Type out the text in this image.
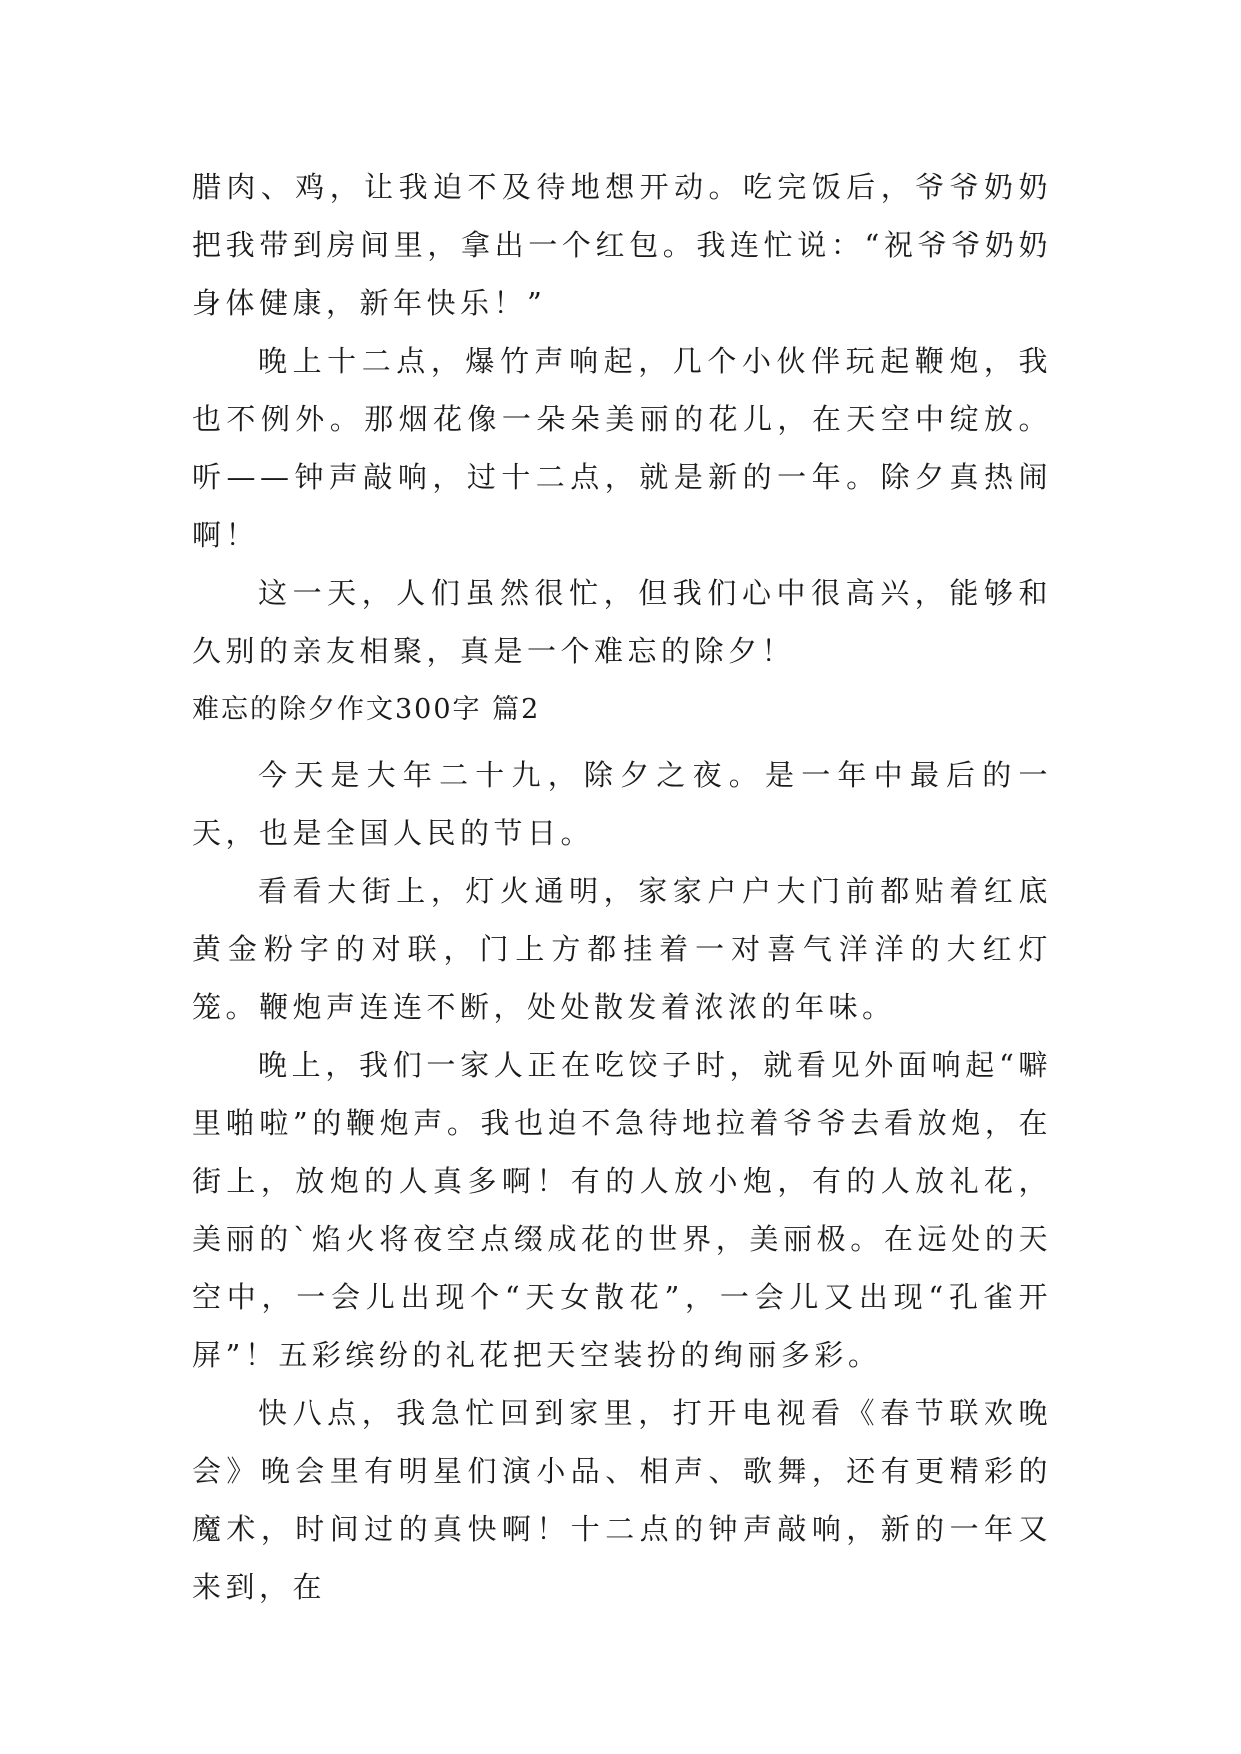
腊肉、鸡，让我迫不及待地想开动。吃完饭后，爷爷奶奶把我带到房间里，拿出一个红包。我连忙说：“祝爷爷奶奶身体健康，新年快乐！”

晚上十二点，爆竹声响起，几个小伙伴玩起鞭炮，我也不例外。那烟花像一朵朵美丽的花儿，在天空中绽放。听——钟声敲响，过十二点，就是新的一年。除夕真热闹啊！

这一天，人们虽然很忙，但我们心中很高兴，能够和久别的亲友相聚，真是一个难忘的除夕！

难忘的除夕作文300字 篇2

今天是大年二十九，除夕之夜。是一年中最后的一天，也是全国人民的节日。

看看大街上，灯火通明，家家户户大门前都贴着红底黄金粉字的对联，门上方都挂着一对喜气洋洋的大红灯笼。鞭炮声连连不断，处处散发着浓浓的年味。

晚上，我们一家人正在吃饺子时，就看见外面响起“噼里啪啦”的鞭炮声。我也迫不急待地拉着爷爷去看放炮，在街上，放炮的人真多啊！有的人放小炮，有的人放礼花，美丽的`焰火将夜空点缀成花的世界，美丽极。在远处的天空中，一会儿出现个“天女散花”，一会儿又出现“孔雀开屏”！五彩缤纷的礼花把天空装扮的绚丽多彩。

快八点，我急忙回到家里，打开电视看《春节联欢晚会》晚会里有明星们演小品、相声、歌舞，还有更精彩的魔术，时间过的真快啊！十二点的钟声敲响，新的一年又来到，在
